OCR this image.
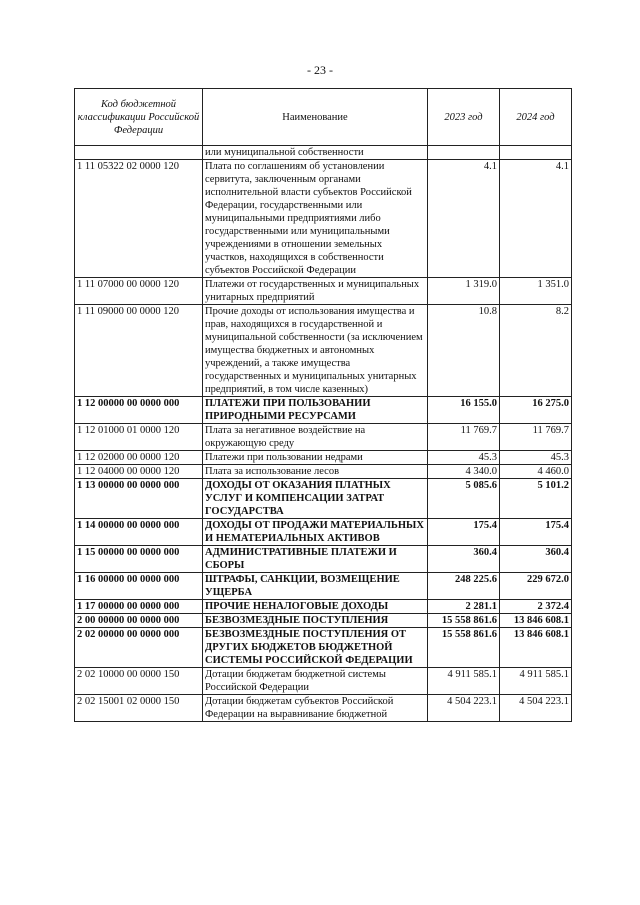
- 23 -
Код бюджетной классификации Российской Федерации	Наименование	2023 год	2024 год
	или муниципальной собственности		
1 11 05322 02 0000 120	Плата по соглашениям об установлении сервитута, заключенным органами исполнительной власти субъектов Российской Федерации, государственными или муниципальными предприятиями либо государственными или муниципальными учреждениями в отношении земельных участков, находящихся в собственности субъектов Российской Федерации	4.1	4.1
1 11 07000 00 0000 120	Платежи от государственных и муниципальных унитарных предприятий	1 319.0	1 351.0
1 11 09000 00 0000 120	Прочие доходы от использования имущества и прав, находящихся в государственной и муниципальной собственности (за исключением имущества бюджетных и автономных учреждений, а также имущества государственных и муниципальных унитарных предприятий, в том числе казенных)	10.8	8.2
1 12 00000 00 0000 000	ПЛАТЕЖИ ПРИ ПОЛЬЗОВАНИИ ПРИРОДНЫМИ РЕСУРСАМИ	16 155.0	16 275.0
1 12 01000 01 0000 120	Плата за негативное воздействие на окружающую среду	11 769.7	11 769.7
1 12 02000 00 0000 120	Платежи при пользовании недрами	45.3	45.3
1 12 04000 00 0000 120	Плата за использование лесов	4 340.0	4 460.0
1 13 00000 00 0000 000	ДОХОДЫ ОТ ОКАЗАНИЯ ПЛАТНЫХ УСЛУГ И КОМПЕНСАЦИИ ЗАТРАТ ГОСУДАРСТВА	5 085.6	5 101.2
1 14 00000 00 0000 000	ДОХОДЫ ОТ ПРОДАЖИ МАТЕРИАЛЬНЫХ И НЕМАТЕРИАЛЬНЫХ АКТИВОВ	175.4	175.4
1 15 00000 00 0000 000	АДМИНИСТРАТИВНЫЕ ПЛАТЕЖИ И СБОРЫ	360.4	360.4
1 16 00000 00 0000 000	ШТРАФЫ, САНКЦИИ, ВОЗМЕЩЕНИЕ УЩЕРБА	248 225.6	229 672.0
1 17 00000 00 0000 000	ПРОЧИЕ НЕНАЛОГОВЫЕ ДОХОДЫ	2 281.1	2 372.4
2 00 00000 00 0000 000	БЕЗВОЗМЕЗДНЫЕ ПОСТУПЛЕНИЯ	15 558 861.6	13 846 608.1
2 02 00000 00 0000 000	БЕЗВОЗМЕЗДНЫЕ ПОСТУПЛЕНИЯ ОТ ДРУГИХ БЮДЖЕТОВ БЮДЖЕТНОЙ СИСТЕМЫ РОССИЙСКОЙ ФЕДЕРАЦИИ	15 558 861.6	13 846 608.1
2 02 10000 00 0000 150	Дотации бюджетам бюджетной системы Российской Федерации	4 911 585.1	4 911 585.1
2 02 15001 02 0000 150	Дотации бюджетам субъектов Российской Федерации на выравнивание бюджетной	4 504 223.1	4 504 223.1
